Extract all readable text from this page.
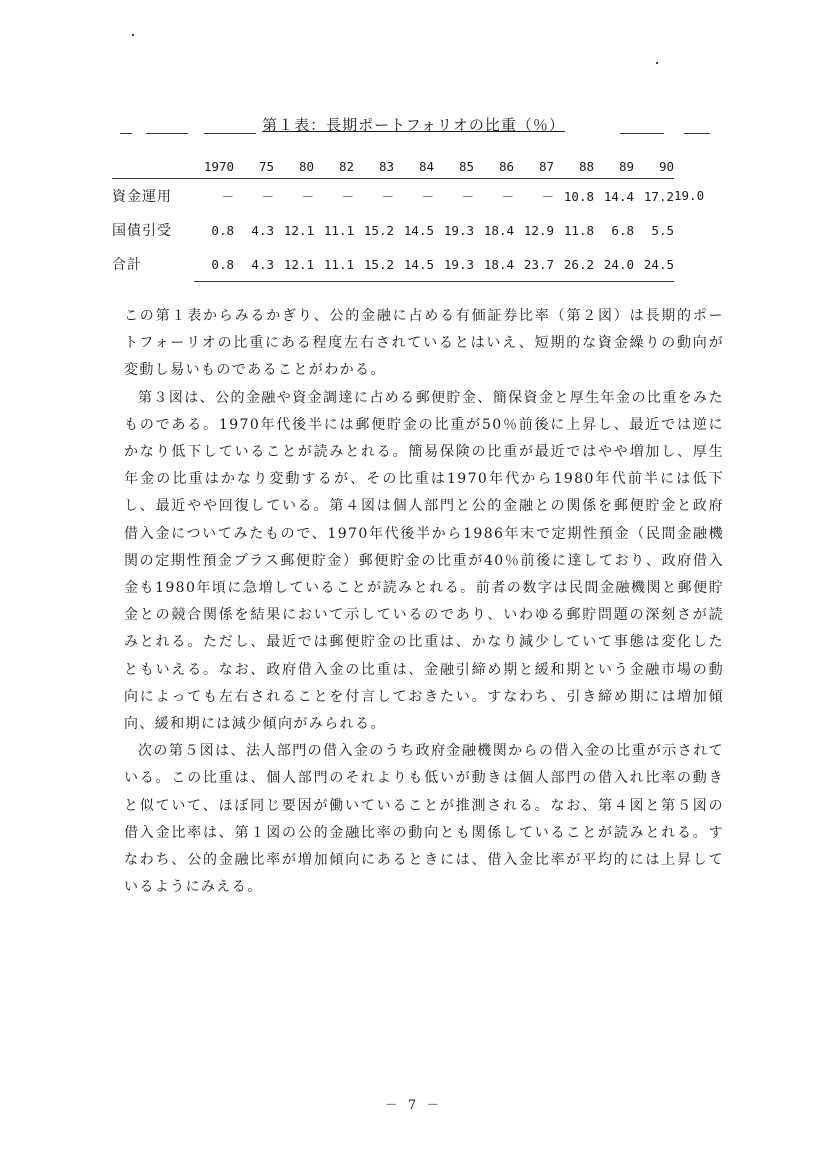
第１表：長期ポートフォリオの比重（％）
	1970	75	80	82	83	84	85	86	87	88	89	90	
資金運用	－	－	－	－	－	－	－	－	－	10.8	14.4	17.2	19.0
国債引受	0.8	4.3	12.1	11.1	15.2	14.5	19.3	18.4	12.9	11.8	6.8	5.5	
合計	0.8	4.3	12.1	11.1	15.2	14.5	19.3	18.4	23.7	26.2	24.0	24.5	

この第１表からみるかぎり、公的金融に占める有価証券比率（第２図）は長期的ポートフォーリオの比重にある程度左右されているとはいえ、短期的な資金繰りの動向が変動し易いものであることがわかる。

第３図は、公的金融や資金調達に占める郵便貯金、簡保資金と厚生年金の比重をみたものである。1970年代後半には郵便貯金の比重が50％前後に上昇し、最近では逆にかなり低下していることが読みとれる。簡易保険の比重が最近ではやや増加し、厚生年金の比重はかなり変動するが、その比重は1970年代から1980年代前半には低下し、最近やや回復している。第４図は個人部門と公的金融との関係を郵便貯金と政府借入金についてみたもので、1970年代後半から1986年末で定期性預金（民間金融機関の定期性預金プラス郵便貯金）郵便貯金の比重が40％前後に達しており、政府借入金も1980年頃に急増していることが読みとれる。前者の数字は民間金融機関と郵便貯金との競合関係を結果において示しているのであり、いわゆる郵貯問題の深刻さが読みとれる。ただし、最近では郵便貯金の比重は、かなり減少していて事態は変化したともいえる。なお、政府借入金の比重は、金融引締め期と緩和期という金融市場の動向によっても左右されることを付言しておきたい。すなわち、引き締め期には増加傾向、緩和期には減少傾向がみられる。

次の第５図は、法人部門の借入金のうち政府金融機関からの借入金の比重が示されている。この比重は、個人部門のそれよりも低いが動きは個人部門の借入れ比率の動きと似ていて、ほぼ同じ要因が働いていることが推測される。なお、第４図と第５図の借入金比率は、第１図の公的金融比率の動向とも関係していることが読みとれる。すなわち、公的金融比率が増加傾向にあるときには、借入金比率が平均的には上昇しているようにみえる。

－ 7 －
